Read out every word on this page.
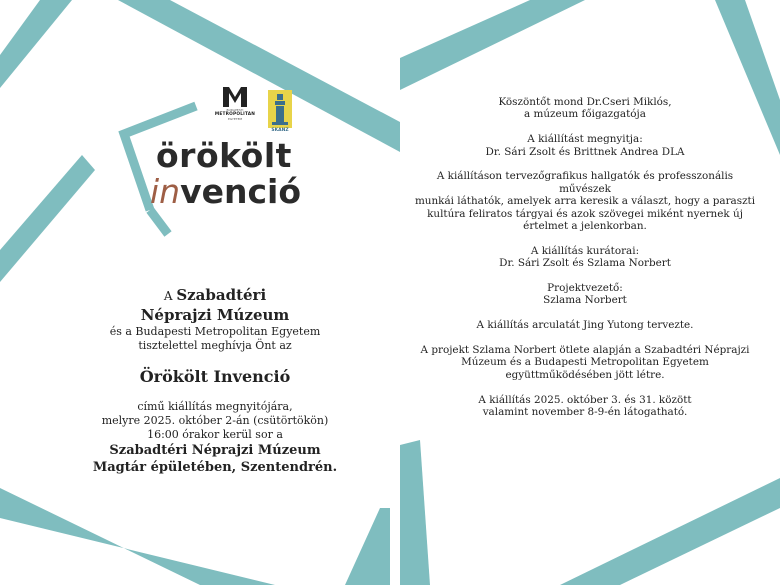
BUDAPESTI
METROPOLITAN
EGYETEM
SKANZ
örökölt
invenció
A Szabadtéri
Néprajzi Múzeum
és a Budapesti Metropolitan Egyetem
tisztelettel meghívja Önt az
Örökölt Invenció
című kiállítás megnyitójára,
melyre 2025. október 2-án (csütörtökön)
16:00 órakor kerül sor a
Szabadtéri Néprajzi Múzeum
Magtár épületében, Szentendrén.
Köszöntőt mond Dr.Cseri Miklós,
a múzeum főigazgatója
A kiállítást megnyitja:
Dr. Sári Zsolt és Brittnek Andrea DLA
A kiállításon tervezőgrafikus hallgatók és professzonális művészek
munkái láthatók, amelyek arra keresik a választ, hogy a paraszti
kultúra feliratos tárgyai és azok szövegei miként nyernek új
értelmet a jelenkorban.
A kiállítás kurátorai:
Dr. Sári Zsolt és Szlama Norbert
Projektvezető:
Szlama Norbert
A kiállítás arculatát Jing Yutong tervezte.
A projekt Szlama Norbert ötlete alapján a Szabadtéri Néprajzi
Múzeum és a Budapesti Metropolitan Egyetem
együttműködésében jött létre.
A kiállítás 2025. október 3. és 31. között
valamint november 8-9-én látogatható.
